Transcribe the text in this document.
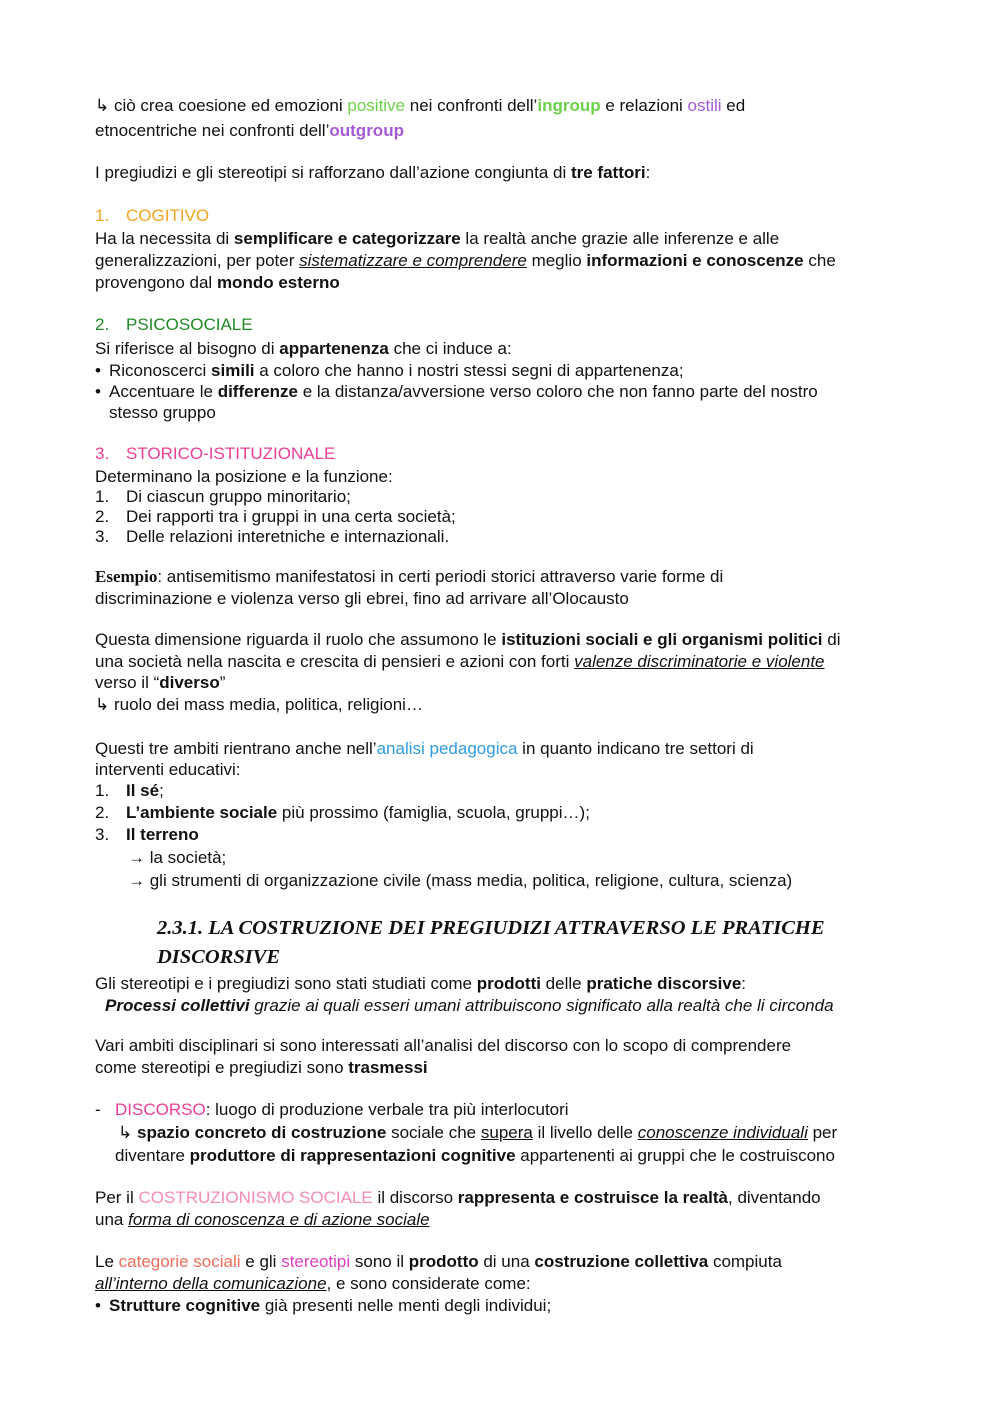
↳ ciò crea coesione ed emozioni positive nei confronti dell’ingroup e relazioni ostili ed
etnocentriche nei confronti dell’outgroup
I pregiudizi e gli stereotipi si rafforzano dall’azione congiunta di tre fattori:
1. COGITIVO
Ha la necessita di semplificare e categorizzare la realtà anche grazie alle inferenze e alle
generalizzazioni, per poter sistematizzare e comprendere meglio informazioni e conoscenze che
provengono dal mondo esterno
2. PSICOSOCIALE
Si riferisce al bisogno di appartenenza che ci induce a:
• Riconoscerci simili a coloro che hanno i nostri stessi segni di appartenenza;
• Accentuare le differenze e la distanza/avversione verso coloro che non fanno parte del nostro
stesso gruppo
3. STORICO-ISTITUZIONALE
Determinano la posizione e la funzione:
1. Di ciascun gruppo minoritario;
2. Dei rapporti tra i gruppi in una certa società;
3. Delle relazioni interetniche e internazionali.
Esempio: antisemitismo manifestatosi in certi periodi storici attraverso varie forme di
discriminazione e violenza verso gli ebrei, fino ad arrivare all’Olocausto
Questa dimensione riguarda il ruolo che assumono le istituzioni sociali e gli organismi politici di
una società nella nascita e crescita di pensieri e azioni con forti valenze discriminatorie e violente
verso il “diverso”
↳ ruolo dei mass media, politica, religioni…
Questi tre ambiti rientrano anche nell’analisi pedagogica in quanto indicano tre settori di
interventi educativi:
1. Il sé;
2. L’ambiente sociale più prossimo (famiglia, scuola, gruppi…);
3. Il terreno
→ la società;
→ gli strumenti di organizzazione civile (mass media, politica, religione, cultura, scienza)
2.3.1. LA COSTRUZIONE DEI PREGIUDIZI ATTRAVERSO LE PRATICHE
DISCORSIVE
Gli stereotipi e i pregiudizi sono stati studiati come prodotti delle pratiche discorsive:
Processi collettivi grazie ai quali esseri umani attribuiscono significato alla realtà che li circonda
Vari ambiti disciplinari si sono interessati all’analisi del discorso con lo scopo di comprendere
come stereotipi e pregiudizi sono trasmessi
- DISCORSO: luogo di produzione verbale tra più interlocutori
↳ spazio concreto di costruzione sociale che supera il livello delle conoscenze individuali per
diventare produttore di rappresentazioni cognitive appartenenti ai gruppi che le costruiscono
Per il COSTRUZIONISMO SOCIALE il discorso rappresenta e costruisce la realtà, diventando
una forma di conoscenza e di azione sociale
Le categorie sociali e gli stereotipi sono il prodotto di una costruzione collettiva compiuta
all’interno della comunicazione, e sono considerate come:
• Strutture cognitive già presenti nelle menti degli individui;
